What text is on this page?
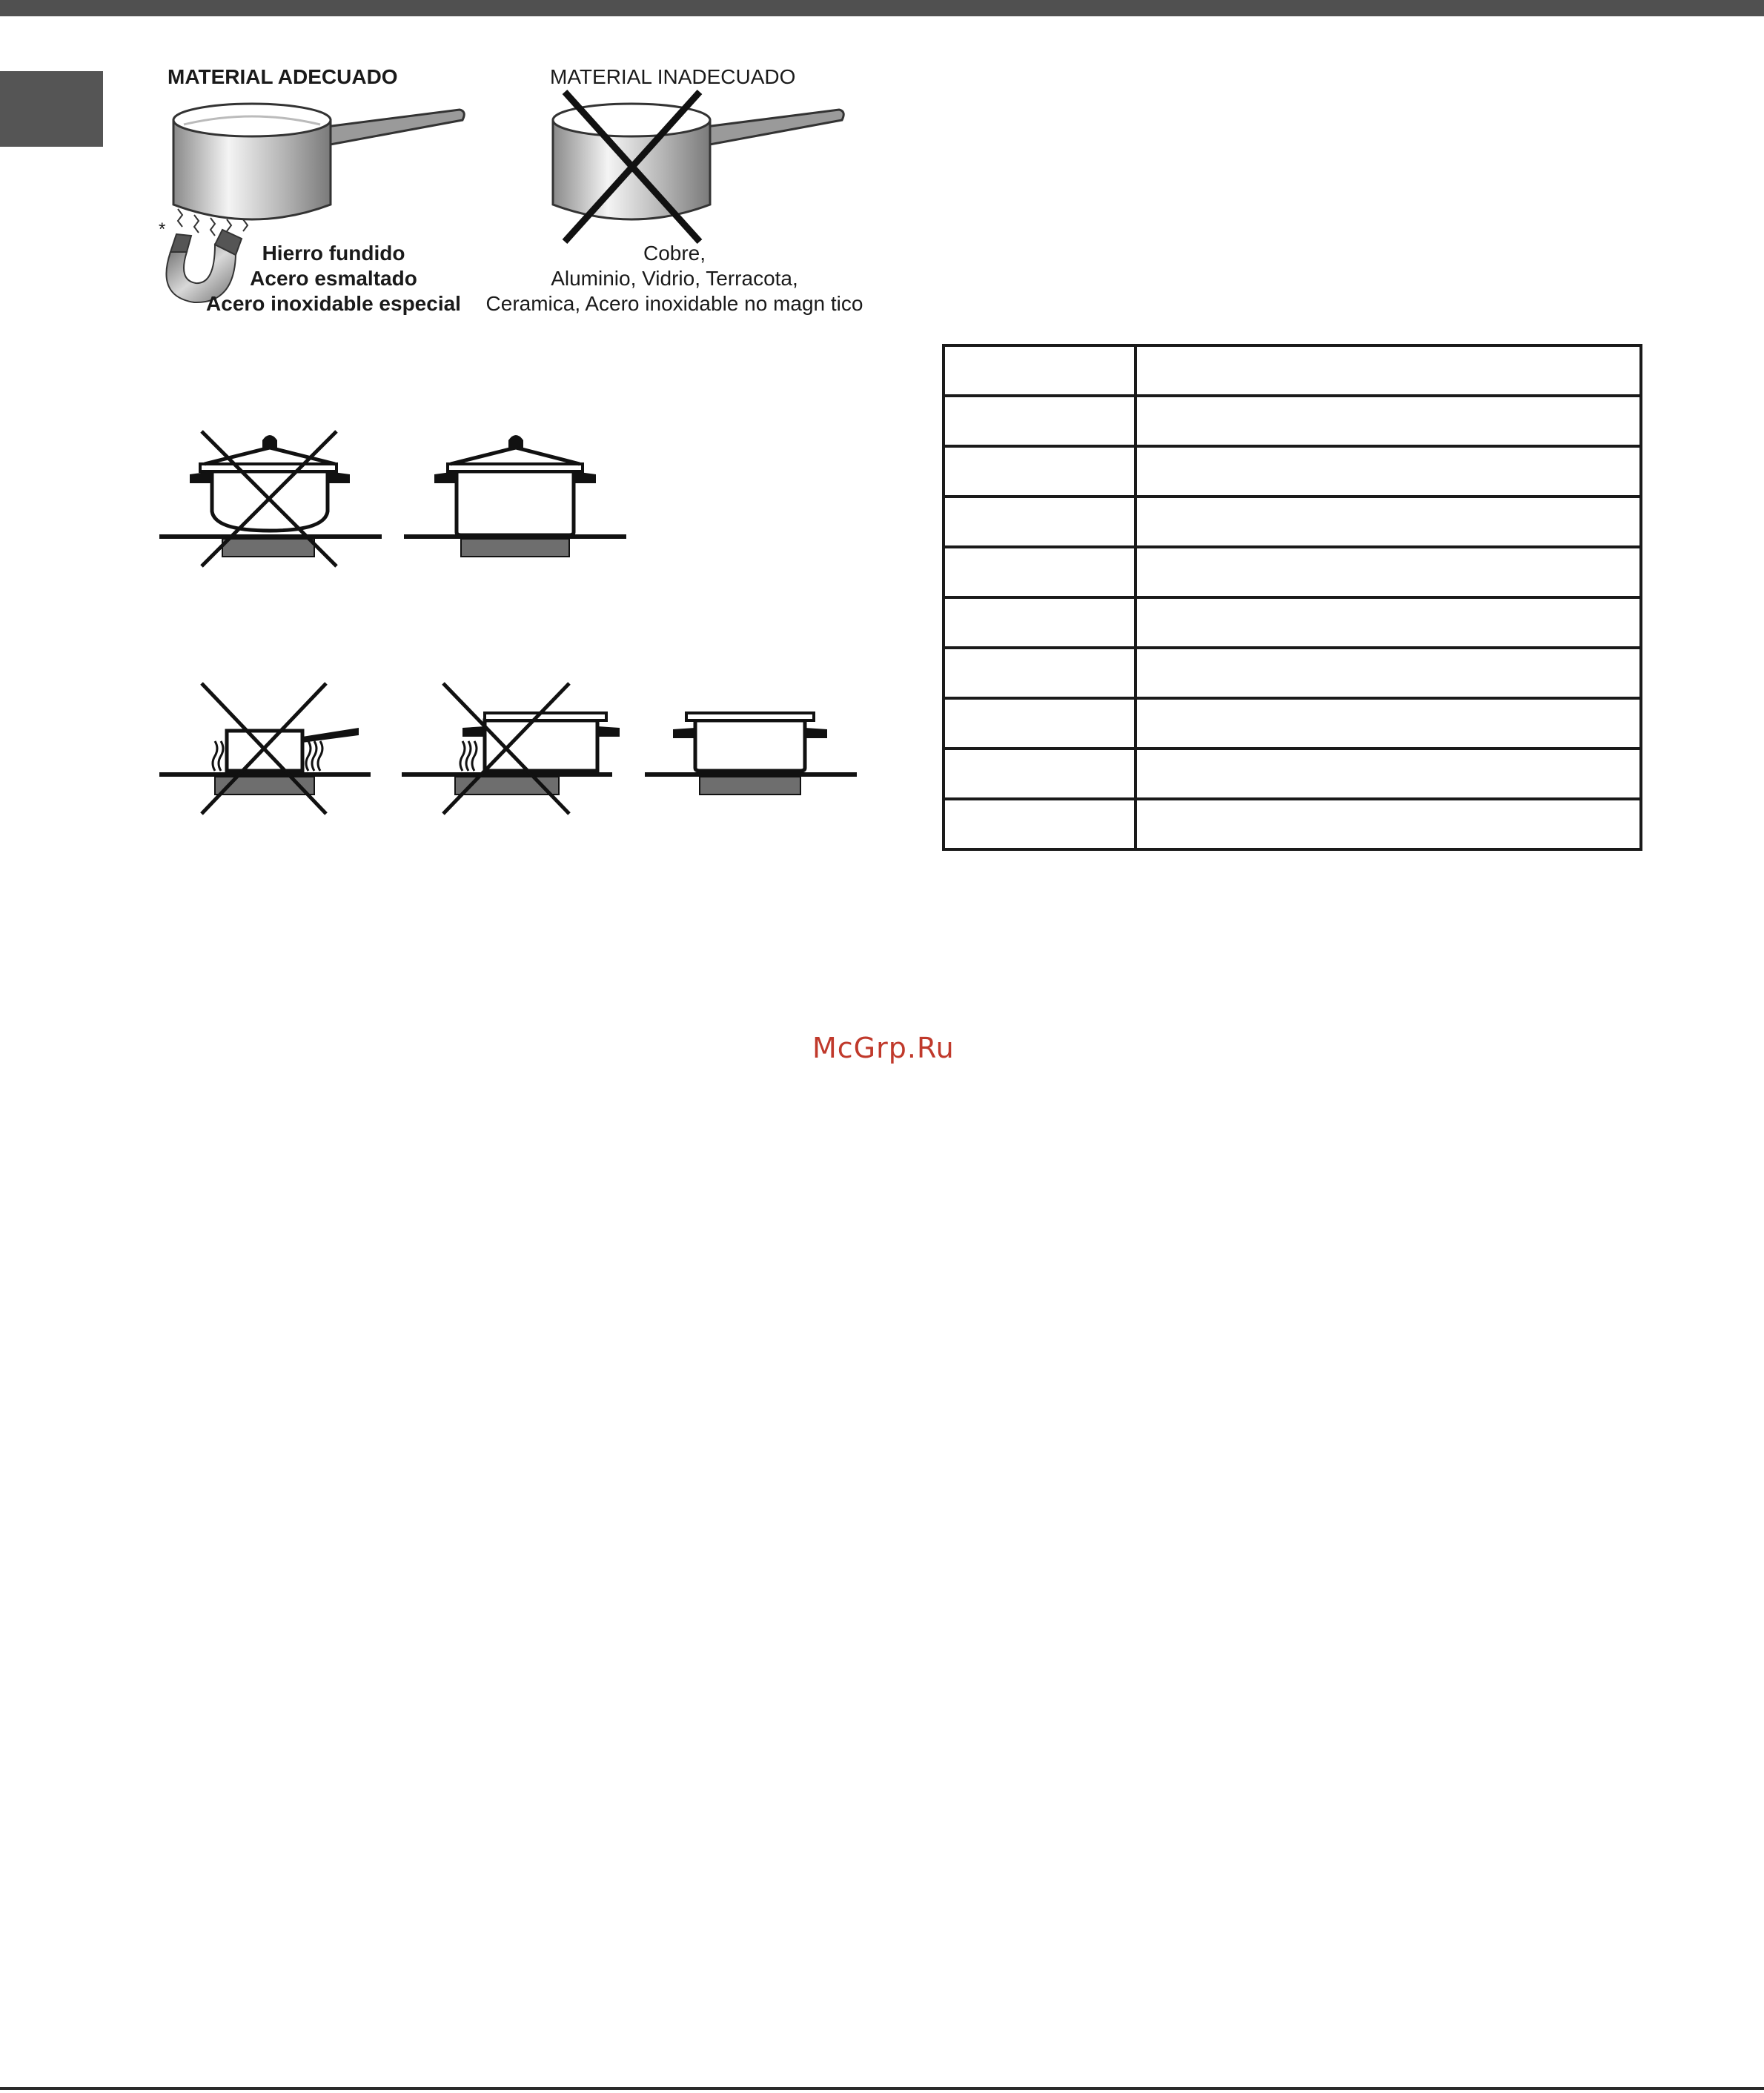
MATERIAL ADECUADO	MATERIAL INADECUADO
*
Hierro fundido
Acero esmaltado
Acero inoxidable especial
Cobre,
Aluminio, Vidrio, Terracota,
Ceramica, Acero inoxidable no magn tico

McGrp.Ru
